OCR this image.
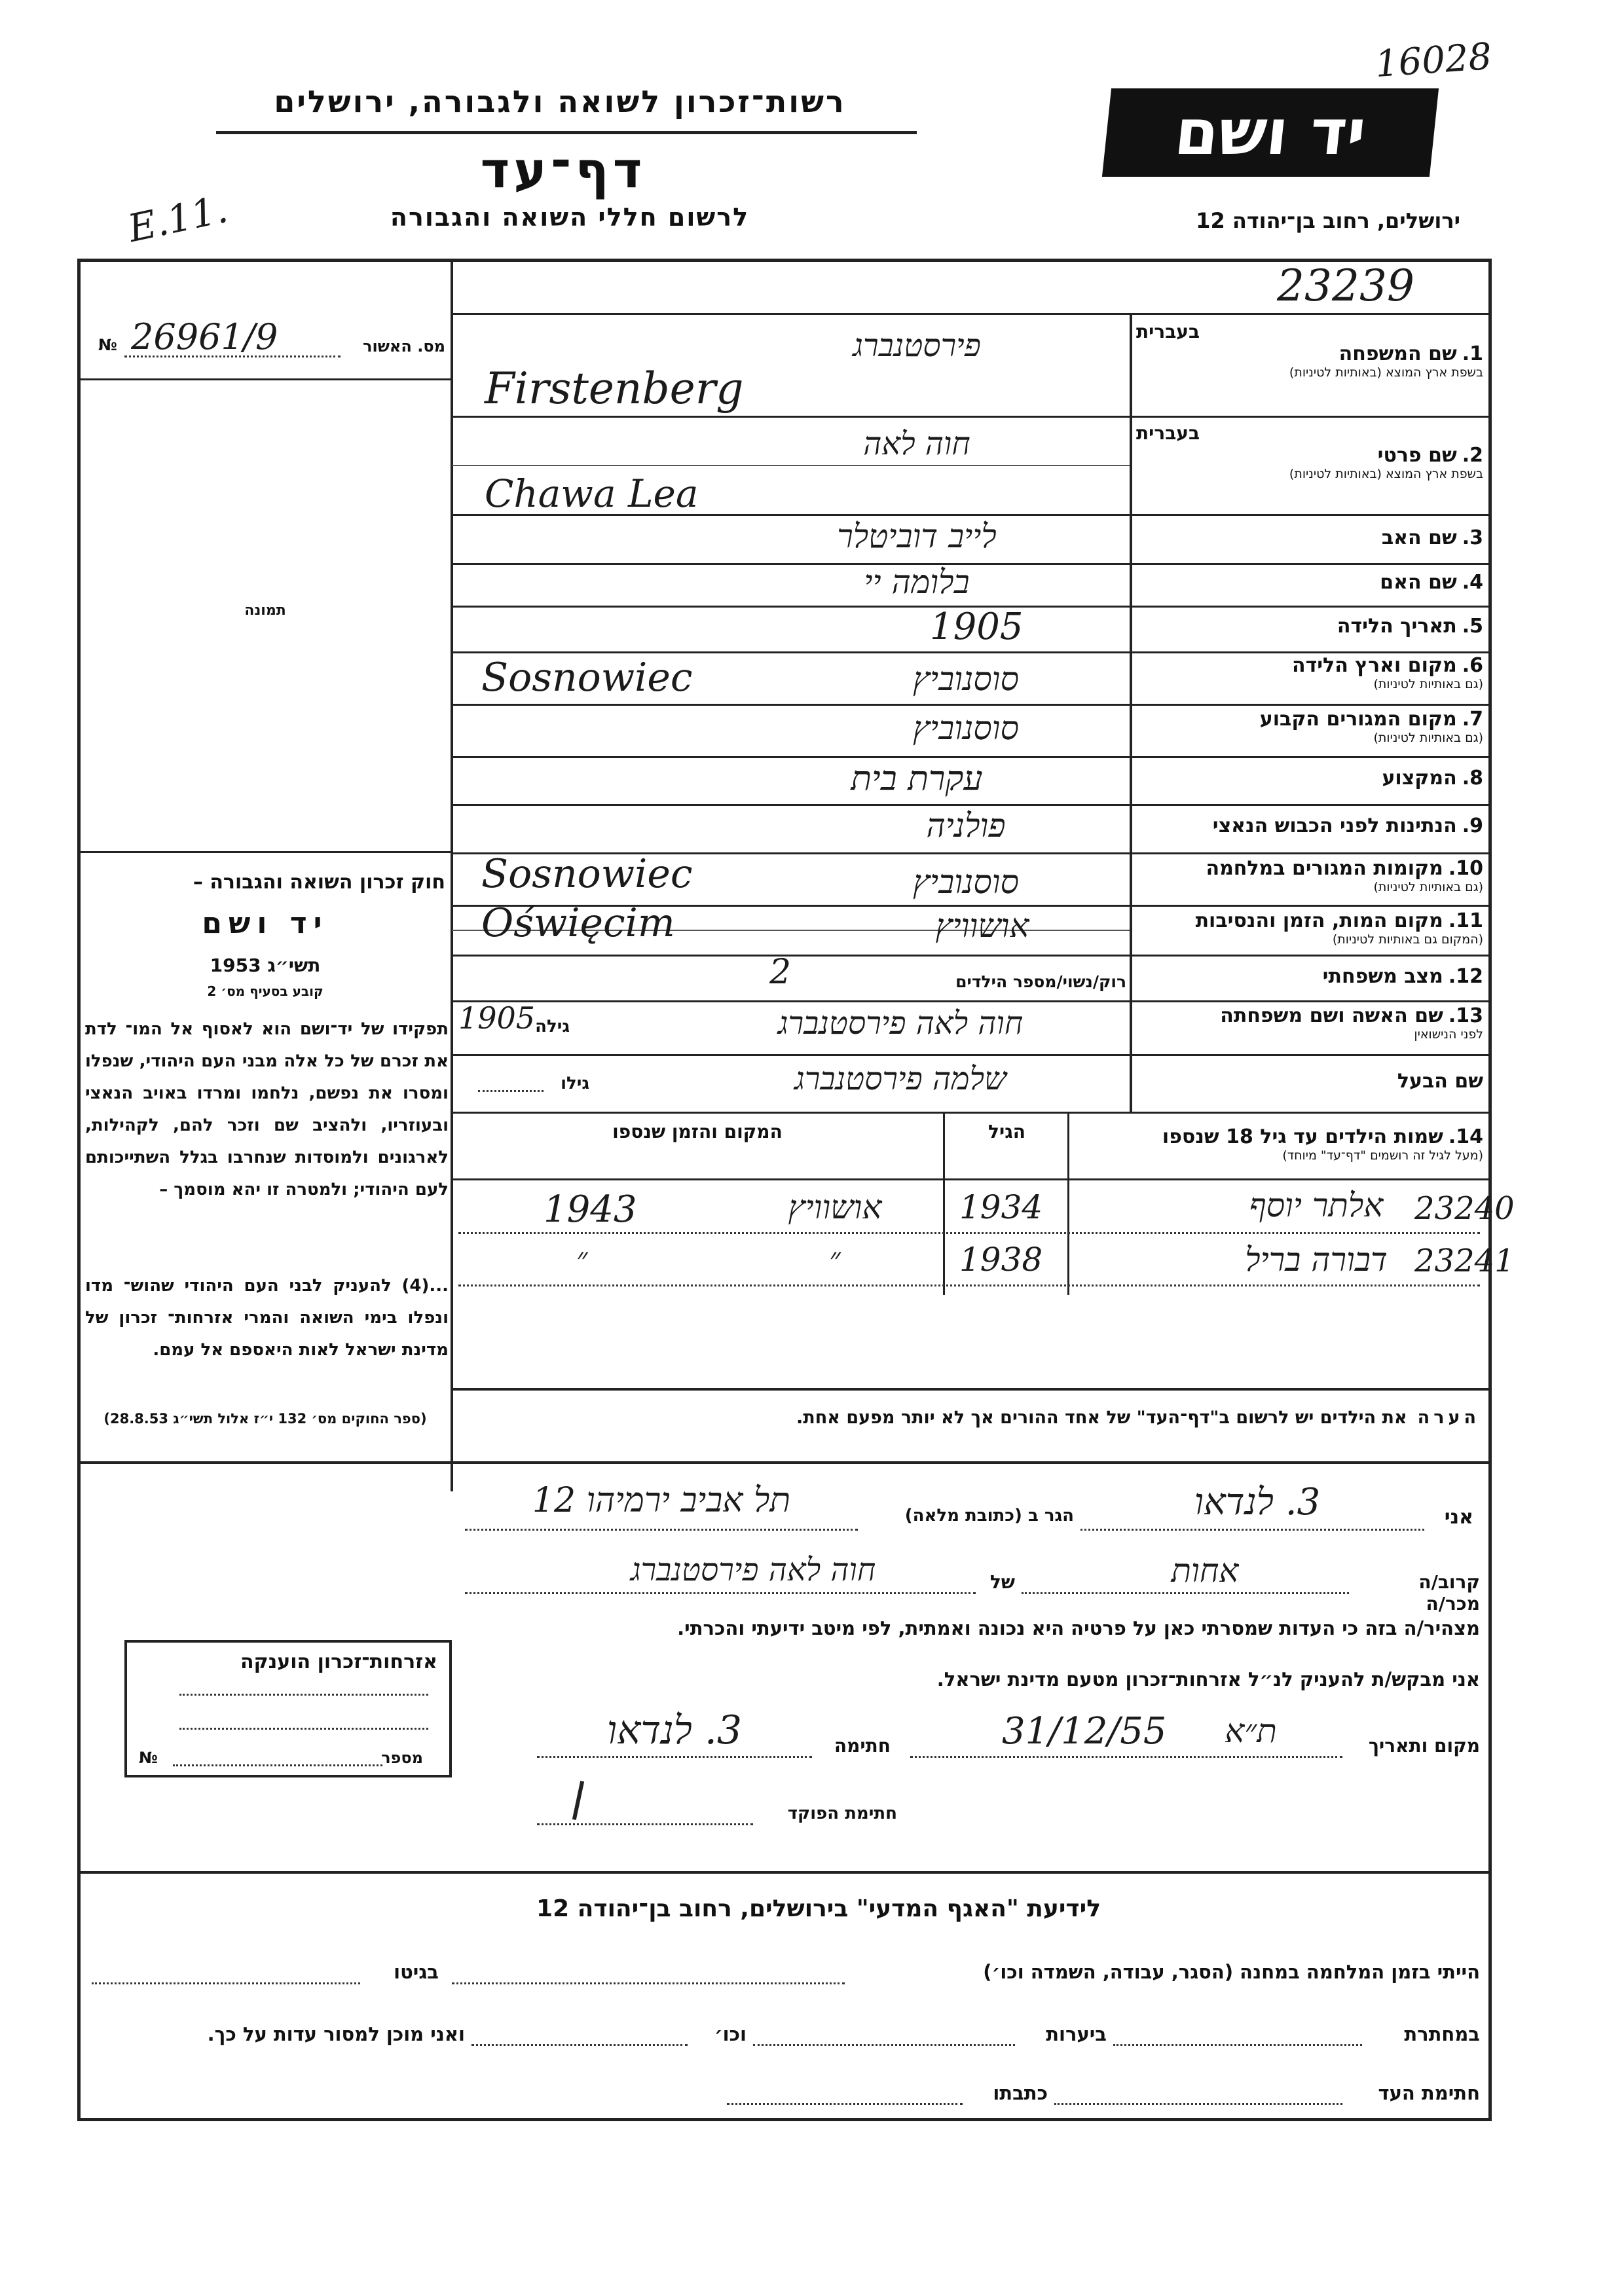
16028
יד ושם
ירושלים, רחוב בן־יהודה 12
רשות־זכרון לשואה ולגבורה, ירושלים
דף־עד
לרשום חללי השואה והגבורה
E.11.
23239
№	מס. האשור
26961/9
תמונה
חוק זכרון השואה והגבורה –
יד ושם
תשי״ג 1953
קובע בסעיף מס׳ 2
תפקידו של יד־ושם הוא לאסוף אל המו־ לדת את זכרם של כל אלה מבני העם היהודי, שנפלו ומסרו את נפשם, נלחמו ומרדו באויב הנאצי ובעוזריו, ולהציב שם וזכר להם, לקהילות, לארגונים ולמוסדות שנחרבו בגלל השתייכותם לעם היהודי; ולמטרה זו יהא מוסמך –
...(4) להעניק לבני העם היהודי שהוש־ מדו ונפלו בימי השואה והמרי אזרחות־ זכרון של מדינת ישראל לאות היאספם אל עמם.
(ספר החוקים מס׳ 132 י״ז אלול תשי״ג 28.8.53)
בעברית
1.
שם המשפחה
בשפת ארץ המוצא (באותיות לטיניות)
פירסטנברג
Firstenberg
בעברית
2.
שם פרטי
בשפת ארץ המוצא (באותיות לטיניות)
חוה לאה
Chawa Lea
3.
שם האב
לייב דוביטלר
4.
שם האם
בלומה יי
5.
תאריך הלידה
1905
6.
מקום וארץ הלידה
(גם באותיות לטיניות)
סוסנוביץ
Sosnowiec
7.
מקום המגורים הקבוע
(גם באותיות לטיניות)
סוסנוביץ
8.
המקצוע
עקרת בית
9.
הנתינות לפני הכבוש הנאצי
פולניה
10.
מקומות המגורים במלחמה
(גם באותיות לטיניות)
סוסנוביץ
Sosnowiec
11.
מקום המות, הזמן והנסיבות
(המקום גם באותיות לטיניות)
אושוויץ
Oświęcim
12.
מצב משפחתי
רוק/נשוי/מספר הילדים
2
13.
שם האשה ושם משפחתה
לפני הנישואין
חוה לאה פירסטנברג
גילה
1905
שם הבעל
שלמה פירסטנברג
גילו
14.
שמות הילדים עד גיל 18 שנספו
(מעל לגיל זה רושמים "דף־עד" מיוחד)
הגיל
המקום והזמן שנספו
אלתר יוסף 23240
1934
אושוויץ
1943
דבורה בריל 23241
1938
״
״
הערהאת הילדים יש לרשום ב"דף־העד" של אחד ההורים אך לא יותר מפעם אחת.
אני
3. לנדאו
הגר ב (כתובת מלאה)
תל אביב ירמיהו 12
קרוב/ה מכר/ה
אחות
של
חוה לאה פירסטנברג
מצהיר/ה בזה כי העדות שמסרתי כאן על פרטיה היא נכונה ואמתית, לפי מיטב ידיעתי והכרתי.
אני מבקש/ת להעניק לנ״ל אזרחות־זכרון מטעם מדינת ישראל.
מקום ותאריך
ת״א
31/12/55
חתימה
3. לנדאו
חתימת הפוקד
אזרחות־זכרון הוענקה
מספר
№
לידיעת "האגף המדעי" בירושלים, רחוב בן־יהודה 12
הייתי בזמן המלחמה במחנה (הסגר, עבודה, השמדה וכו׳)
בגיטו
במחתרת
ביערות
וכו׳
ואני מוכן למסור עדות על כך.
חתימת העד
כתבתו
